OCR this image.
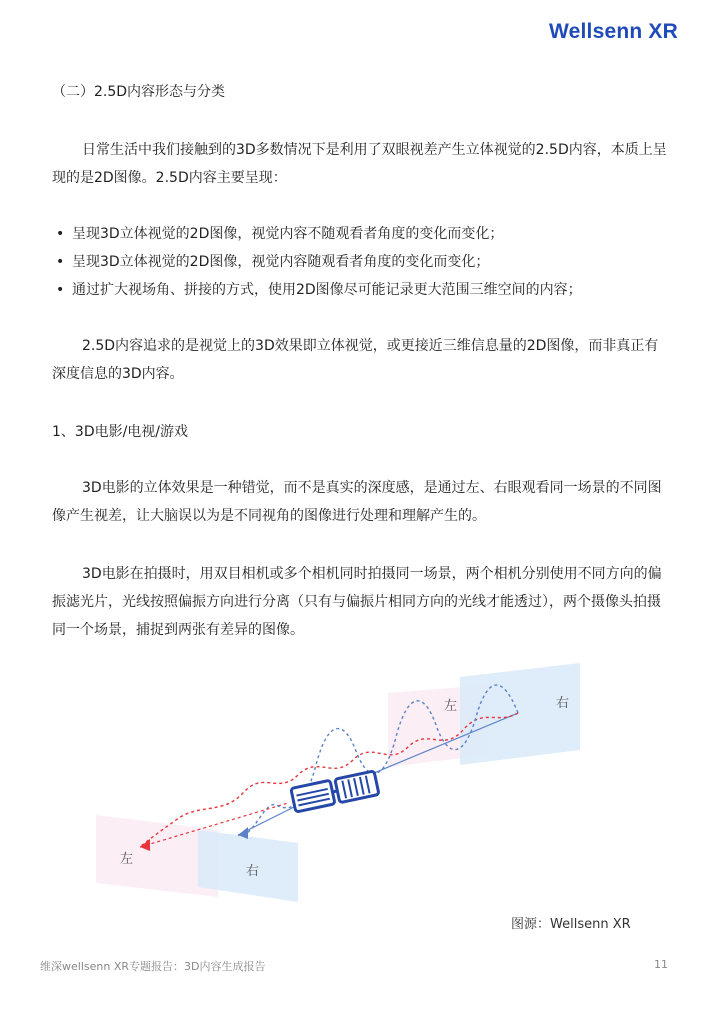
Wellsenn XR

（二）2.5D内容形态与分类

日常生活中我们接触到的3D多数情况下是利用了双眼视差产生立体视觉的2.5D内容，本质上呈现的是2D图像。2.5D内容主要呈现：

• 呈现3D立体视觉的2D图像，视觉内容不随观看者角度的变化而变化；
• 呈现3D立体视觉的2D图像，视觉内容随观看者角度的变化而变化；
• 通过扩大视场角、拼接的方式，使用2D图像尽可能记录更大范围三维空间的内容；

2.5D内容追求的是视觉上的3D效果即立体视觉，或更接近三维信息量的2D图像，而非真正有深度信息的3D内容。

1、3D电影/电视/游戏

3D电影的立体效果是一种错觉，而不是真实的深度感，是通过左、右眼观看同一场景的不同图像产生视差，让大脑误以为是不同视角的图像进行处理和理解产生的。

3D电影在拍摄时，用双目相机或多个相机同时拍摄同一场景，两个相机分别使用不同方向的偏振滤光片，光线按照偏振方向进行分离（只有与偏振片相同方向的光线才能透过），两个摄像头拍摄同一个场景，捕捉到两张有差异的图像。

左	右
左
右
图源：Wellsenn XR
维深wellsenn XR专题报告：3D内容生成报告	11
